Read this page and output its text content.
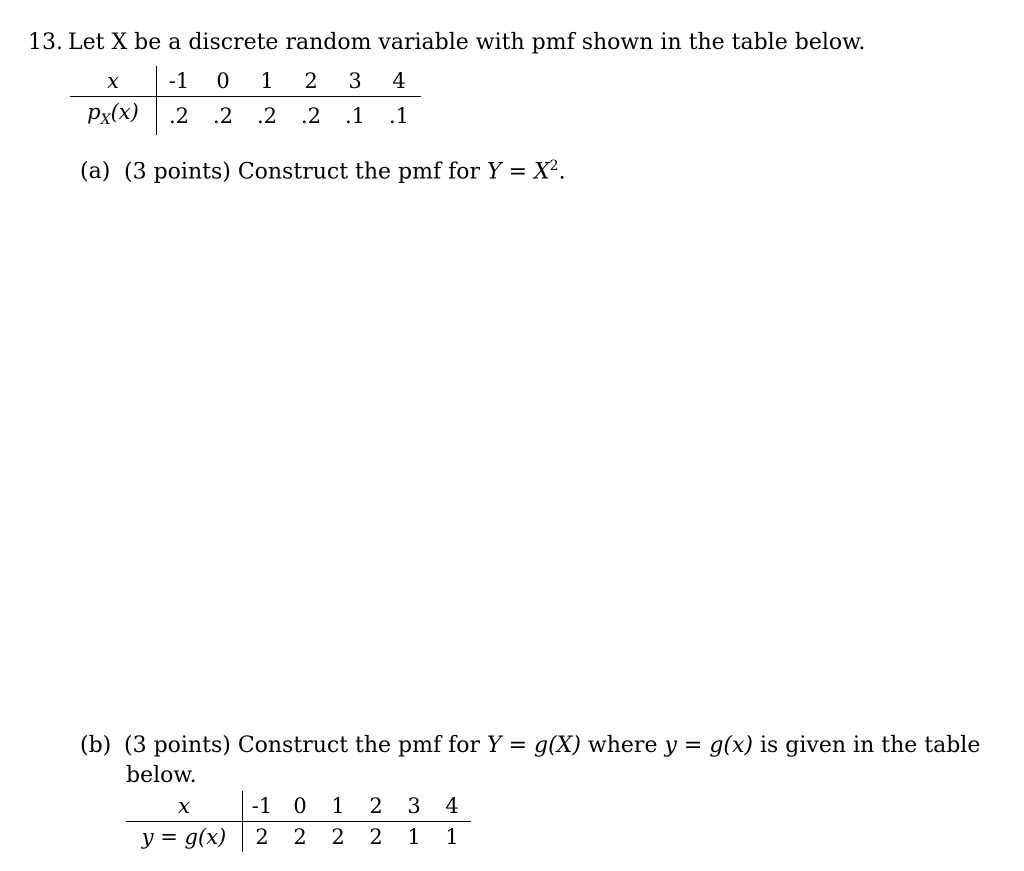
13. Let X be a discrete random variable with pmf shown in the table below.
x	-1	0	1	2	3	4
$p_X(x)$	.2	.2	.2	.2	.1	.1
(a) (3 points) Construct the pmf for $Y = X^2$.
(b) (3 points) Construct the pmf for Y = g(X) where y = g(x) is given in the table
below.
x	-1	0	1	2	3	4
y = g(x)	2	2	2	2	1	1
